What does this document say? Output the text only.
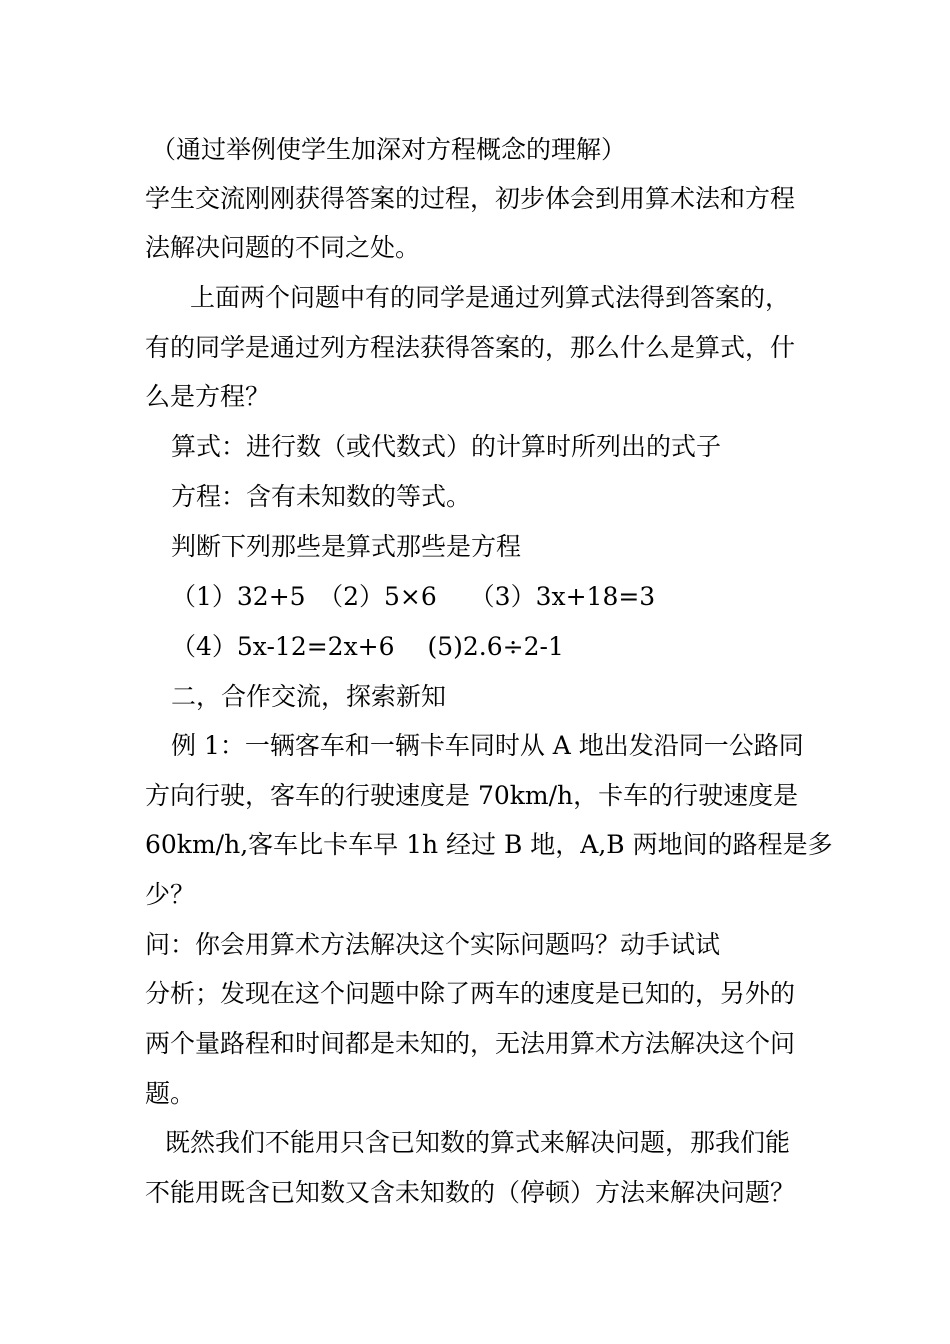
（通过举例使学生加深对方程概念的理解）
学生交流刚刚获得答案的过程，初步体会到用算术法和方程
法解决问题的不同之处。
上面两个问题中有的同学是通过列算式法得到答案的，
有的同学是通过列方程法获得答案的，那么什么是算式，什
么是方程？
算式：进行数（或代数式）的计算时所列出的式子
方程：含有未知数的等式。
判断下列那些是算式那些是方程
（1）32+5　（2）5×6　 （3）3x+18=3
（4）5x-12=2x+6　 (5)2.6÷2-1
二，合作交流，探索新知
例 1：一辆客车和一辆卡车同时从 A 地出发沿同一公路同
方向行驶，客车的行驶速度是 70km/h，卡车的行驶速度是
60km/h,客车比卡车早 1h 经过 B 地，A,B 两地间的路程是多
少？
问：你会用算术方法解决这个实际问题吗？动手试试
分析；发现在这个问题中除了两车的速度是已知的，另外的
两个量路程和时间都是未知的，无法用算术方法解决这个问
题。
既然我们不能用只含已知数的算式来解决问题，那我们能
不能用既含已知数又含未知数的（停顿）方法来解决问题？
